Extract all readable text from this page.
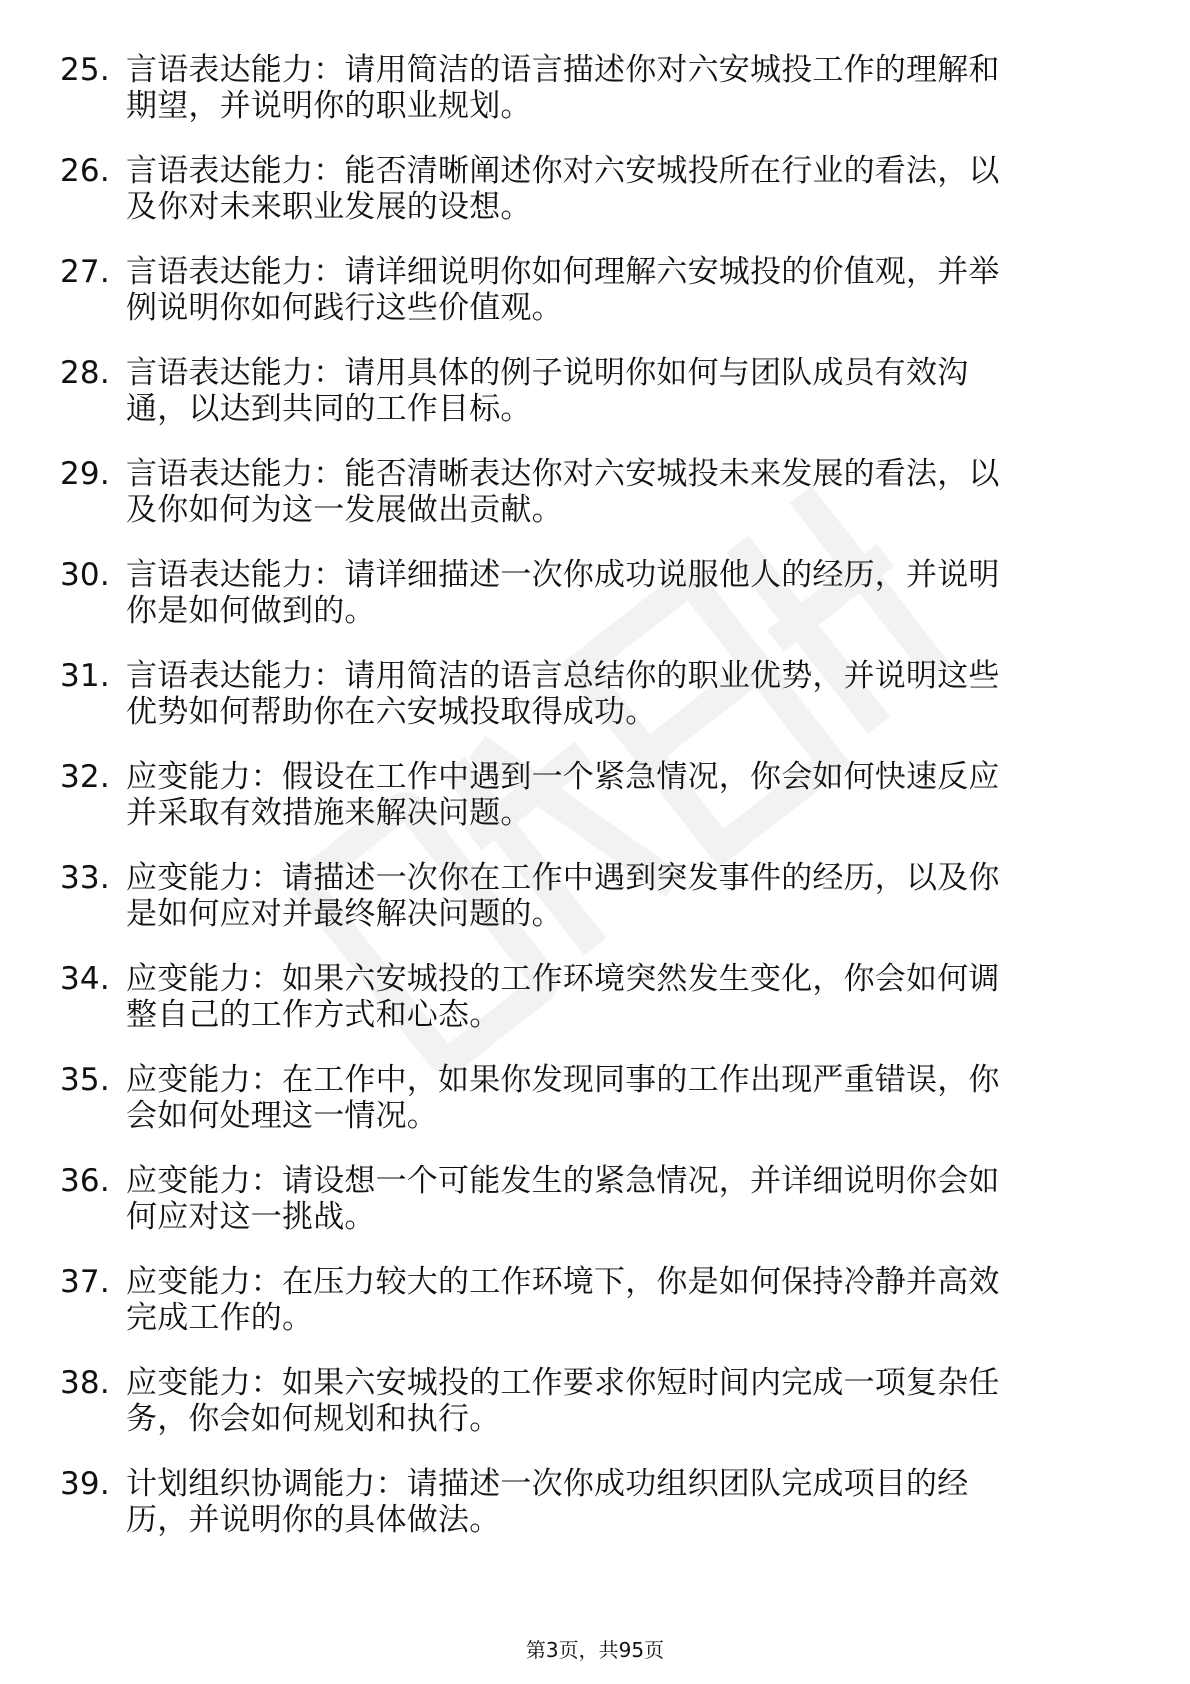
25. 言语表达能力：请用简洁的语言描述你对六安城投工作的理解和
期望，并说明你的职业规划。
26. 言语表达能力：能否清晰阐述你对六安城投所在行业的看法，以
及你对未来职业发展的设想。
27. 言语表达能力：请详细说明你如何理解六安城投的价值观，并举
例说明你如何践行这些价值观。
28. 言语表达能力：请用具体的例子说明你如何与团队成员有效沟
通，以达到共同的工作目标。
29. 言语表达能力：能否清晰表达你对六安城投未来发展的看法，以
及你如何为这一发展做出贡献。
30. 言语表达能力：请详细描述一次你成功说服他人的经历，并说明
你是如何做到的。
31. 言语表达能力：请用简洁的语言总结你的职业优势，并说明这些
优势如何帮助你在六安城投取得成功。
32. 应变能力：假设在工作中遇到一个紧急情况，你会如何快速反应
并采取有效措施来解决问题。
33. 应变能力：请描述一次你在工作中遇到突发事件的经历，以及你
是如何应对并最终解决问题的。
34. 应变能力：如果六安城投的工作环境突然发生变化，你会如何调
整自己的工作方式和心态。
35. 应变能力：在工作中，如果你发现同事的工作出现严重错误，你
会如何处理这一情况。
36. 应变能力：请设想一个可能发生的紧急情况，并详细说明你会如
何应对这一挑战。
37. 应变能力：在压力较大的工作环境下，你是如何保持冷静并高效
完成工作的。
38. 应变能力：如果六安城投的工作要求你短时间内完成一项复杂任
务，你会如何规划和执行。
39. 计划组织协调能力：请描述一次你成功组织团队完成项目的经
历，并说明你的具体做法。
第3页，共95页
